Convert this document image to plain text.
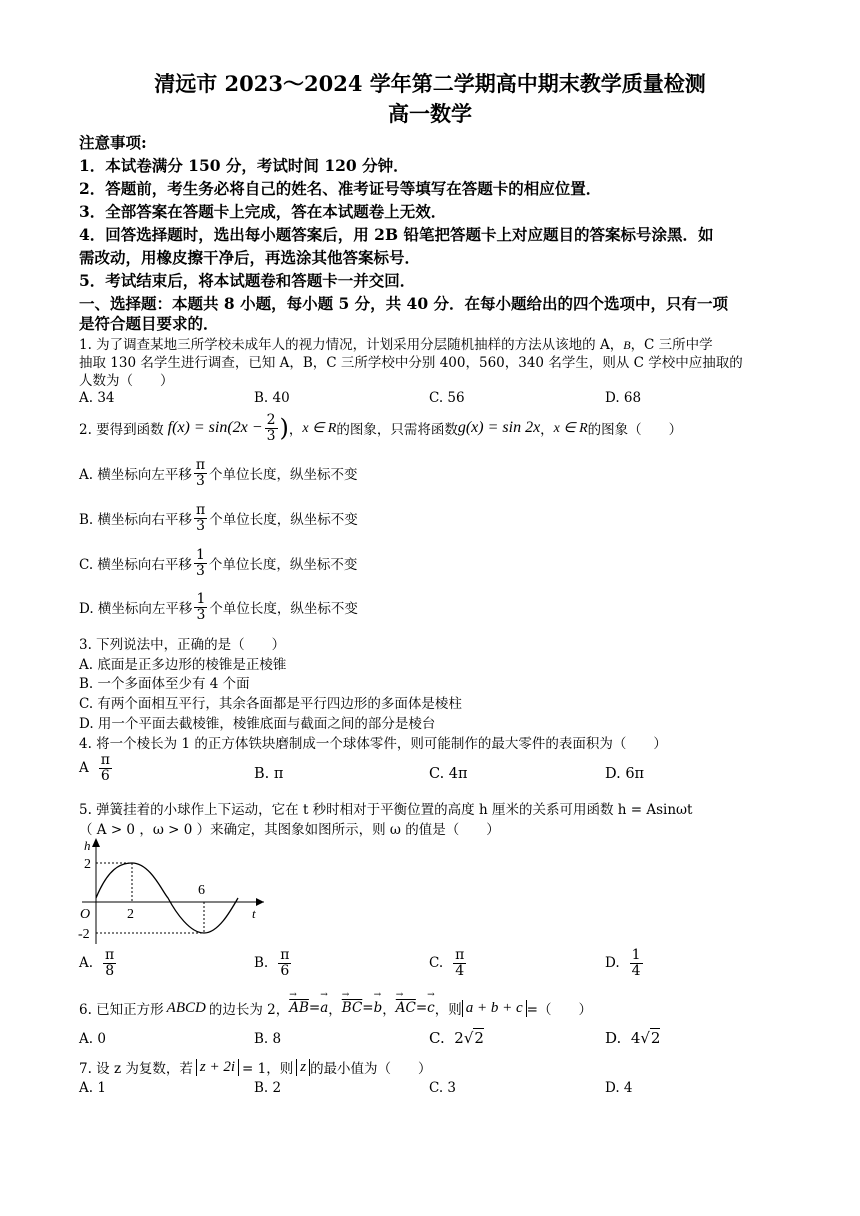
清远市 2023～2024 学年第二学期高中期末教学质量检测
高一数学
注意事项:
1．本试卷满分 150 分，考试时间 120 分钟．
2．答题前，考生务必将自己的姓名、准考证号等填写在答题卡的相应位置．
3．全部答案在答题卡上完成，答在本试题卷上无效．
4．回答选择题时，选出每小题答案后，用 2B 铅笔把答题卡上对应题目的答案标号涂黑．如
需改动，用橡皮擦干净后，再选涂其他答案标号．
5．考试结束后，将本试题卷和答题卡一并交回．
一、选择题：本题共 8 小题，每小题 5 分，共 40 分．在每小题给出的四个选项中，只有一项
是符合题目要求的．
1. 为了调查某地三所学校未成年人的视力情况，计划采用分层随机抽样的方法从该地的 A，B，C 三所中学
抽取 130 名学生进行调查，已知 A，B，C 三所学校中分别 400，560，340 名学生，则从 C 学校中应抽取的
人数为（　　）
A. 34	B. 40	C. 56	D. 68
2. 要得到函数 $f(x) = \sin(2x - \frac{2}{3}$ ) ， x ∈ R 的图象，只需将函数 g(x) = sin 2x ， x ∈ R 的图象（　　）
A. 横坐标向左平移 $\frac{\pi}{3}$ 个单位长度，纵坐标不变
B. 横坐标向右平移 $\frac{\pi}{3}$ 个单位长度，纵坐标不变
C. 横坐标向右平移 $\frac{1}{3}$ 个单位长度，纵坐标不变
D. 横坐标向左平移 $\frac{1}{3}$ 个单位长度，纵坐标不变
3. 下列说法中，正确的是（　　）
A. 底面是正多边形的棱锥是正棱锥
B. 一个多面体至少有 4 个面
C. 有两个面相互平行，其余各面都是平行四边形的多面体是棱柱
D. 用一个平面去截棱锥，棱锥底面与截面之间的部分是棱台
4. 将一个棱长为 1 的正方体铁块磨制成一个球体零件，则可能制作的最大零件的表面积为（　　）
A $\frac{\pi}{6}$	B. π	C. 4π	D. 6π
5. 弹簧挂着的小球作上下运动，它在 t 秒时相对于平衡位置的高度 h 厘米的关系可用函数 h = Asinωt
（ A > 0 ，ω > 0 ）来确定，其图象如图所示，则 ω 的值是（　　）
h
t
O
2
-2
2
6
A. $\frac{\pi}{8}$	B. $\frac{\pi}{6}$	C. $\frac{\pi}{4}$	D. $\frac{1}{4}$
6. 已知正方形 ABCD 的边长为 2， → $\overline{AB}$ = → a ， → $\overline{BC}$ = → b ， → $\overline{AC}$ = → c ，则 a + b + c =（　　）
A. 0	B. 8	C. 2√2	D. 4√2
7. 设 z 为复数，若 z + 2i = 1，则 z 的最小值为（　　）
A. 1	B. 2	C. 3	D. 4
